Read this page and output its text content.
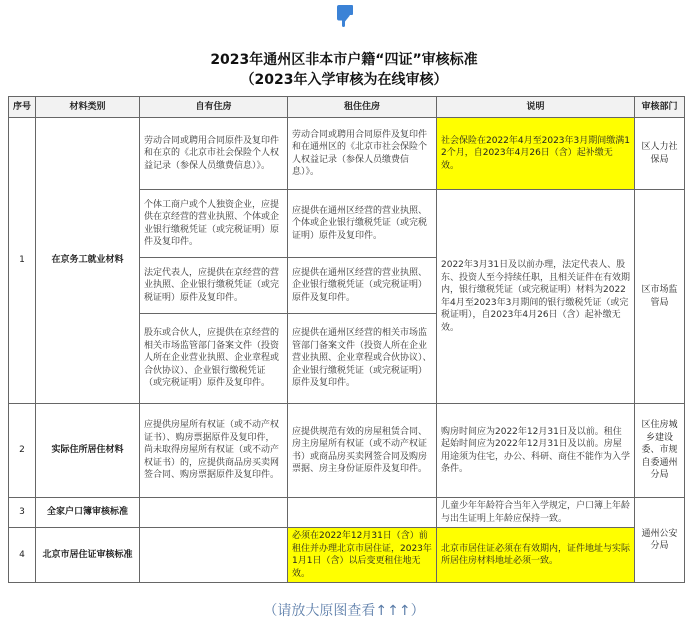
2023年通州区非本市户籍“四证”审核标准
（2023年入学审核为在线审核）
序号	材料类别	自有住房	租住住房	说明	审核部门
1	在京务工就业材料	劳动合同或聘用合同原件及复印件和在京的《北京市社会保险个人权益记录（参保人员缴费信息）》。	劳动合同或聘用合同原件及复印件和在通州区的《北京市社会保险个人权益记录（参保人员缴费信息）》。	社会保险在2022年4月至2023年3月期间缴满12个月，自2023年4月26日（含）起补缴无效。	区人力社保局
		个体工商户或个人独资企业，应提供在京经营的营业执照、个体或企业银行缴税凭证（或完税证明）原件及复印件。	应提供在通州区经营的营业执照、个体或企业银行缴税凭证（或完税证明）原件及复印件。	2022年3月31日及以前办理，法定代表人、股东、投资人至今持续任职，且相关证件在有效期内，银行缴税凭证（或完税证明）材料为2022年4月至2023年3月期间的银行缴税凭证（或完税证明），自2023年4月26日（含）起补缴无效。	区市场监管局
		法定代表人，应提供在京经营的营业执照、企业银行缴税凭证（或完税证明）原件及复印件。	应提供在通州区经营的营业执照、企业银行缴税凭证（或完税证明）原件及复印件。		
		股东或合伙人，应提供在京经营的相关市场监管部门备案文件（投资人所在企业营业执照、企业章程或合伙协议）、企业银行缴税凭证（或完税证明）原件及复印件。	应提供在通州区经营的相关市场监管部门备案文件（投资人所在企业营业执照、企业章程或合伙协议）、企业银行缴税凭证（或完税证明）原件及复印件。		
2	实际住所居住材料	应提供房屋所有权证（或不动产权证书）、购房票据原件及复印件，尚未取得房屋所有权证（或不动产权证书）的，应提供商品房买卖网签合同、购房票据原件及复印件。	应提供规范有效的房屋租赁合同、房主房屋所有权证（或不动产权证书）或商品房买卖网签合同及购房票据、房主身份证原件及复印件。	购房时间应为2022年12月31日及以前。租住起始时间应为2022年12月31日及以前。房屋用途须为住宅，办公、科研、商住不能作为入学条件。	区住房城乡建设委、市规自委通州分局
3	全家户口簿审核标准			儿童少年年龄符合当年入学规定，户口簿上年龄与出生证明上年龄应保持一致。	通州公安分局
4	北京市居住证审核标准		必须在2022年12月31日（含）前租住并办理北京市居住证，2023年1月1日（含）以后变更租住地无效。	北京市居住证必须在有效期内，证件地址与实际所居住房材料地址必须一致。	
（请放大原图查看↑↑↑）
